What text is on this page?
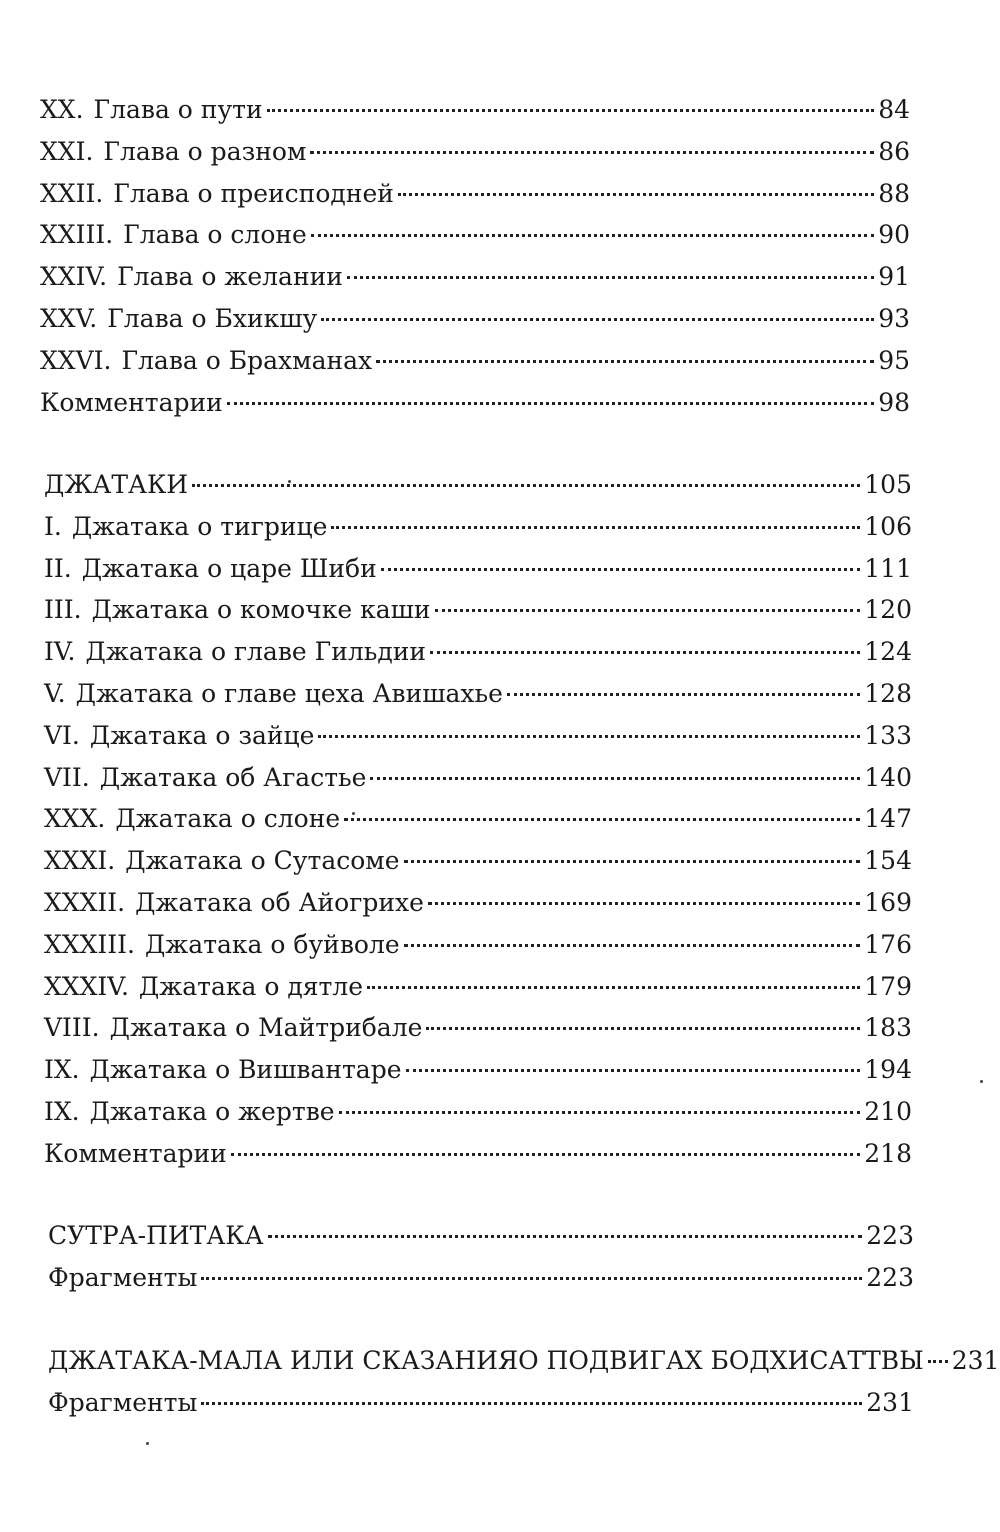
XX. Глава о пути	84
XXI. Глава о разном	86
XXII. Глава о преисподней	88
XXIII. Глава о слоне	90
XXIV. Глава о желании	91
XXV. Глава о Бхикшу	93
XXVI. Глава о Брахманах	95
Комментарии	98
ДЖАТАКИ	105
I. Джатака о тигрице	106
II. Джатака о царе Шиби	111
III. Джатака о комочке каши	120
IV. Джатака о главе Гильдии	124
V. Джатака о главе цеха Авишахье	128
VI. Джатака о зайце	133
VII. Джатака об Агастье	140
XXX. Джатака о слоне	147
XXXI. Джатака о Сутасоме	154
XXXII. Джатака об Айогрихе	169
XXXIII. Джатака о буйволе	176
XXXIV. Джатака о дятле	179
VIII. Джатака о Майтрибале	183
IX. Джатака о Вишвантаре	194
IX. Джатака о жертве	210
Комментарии	218
СУТРА-ПИТАКА	223
Фрагменты	223
ДЖАТАКА-МАЛА ИЛИ СКАЗАНИЯО ПОДВИГАХ БОДХИСАТТВЫ 231
Фрагменты	231
